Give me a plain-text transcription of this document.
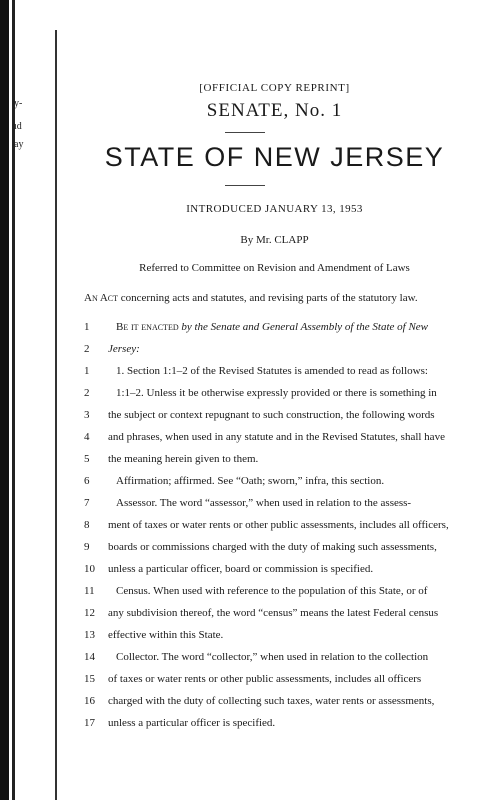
y-
ıd
ay
[OFFICIAL COPY REPRINT]
SENATE, No. 1
STATE OF NEW JERSEY
INTRODUCED JANUARY 13, 1953
By Mr. CLAPP
Referred to Committee on Revision and Amendment of Laws
An Act concerning acts and statutes, and revising parts of the statutory law.
1	Be it enacted by the Senate and General Assembly of the State of New
2	Jersey:
1	1. Section 1:1–2 of the Revised Statutes is amended to read as follows:
2	1:1–2. Unless it be otherwise expressly provided or there is something in
3	the subject or context repugnant to such construction, the following words
4	and phrases, when used in any statute and in the Revised Statutes, shall have
5	the meaning herein given to them.
6	Affirmation; affirmed. See “Oath; sworn,” infra, this section.
7	Assessor. The word “assessor,” when used in relation to the assess-
8	ment of taxes or water rents or other public assessments, includes all officers,
9	boards or commissions charged with the duty of making such assessments,
10	unless a particular officer, board or commission is specified.
11	Census. When used with reference to the population of this State, or of
12	any subdivision thereof, the word “census” means the latest Federal census
13	effective within this State.
14	Collector. The word “collector,” when used in relation to the collection
15	of taxes or water rents or other public assessments, includes all officers
16	charged with the duty of collecting such taxes, water rents or assessments,
17	unless a particular officer is specified.
